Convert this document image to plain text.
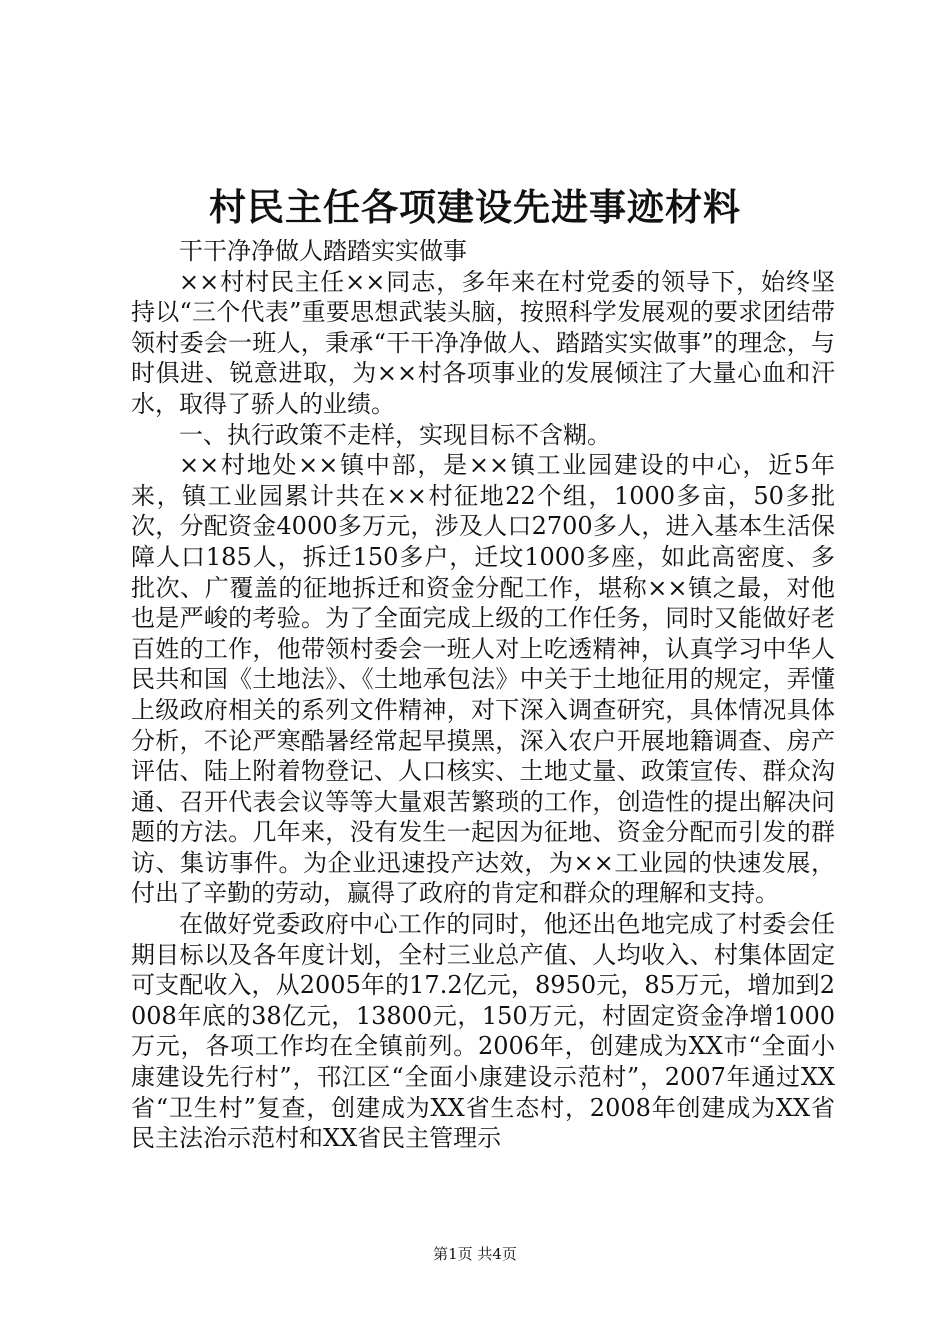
村民主任各项建设先进事迹材料

干干净净做人踏踏实实做事

××村村民主任××同志，多年来在村党委的领导下，始终坚持以“三个代表”重要思想武装头脑，按照科学发展观的要求团结带领村委会一班人，秉承“干干净净做人、踏踏实实做事”的理念，与时俱进、锐意进取，为××村各项事业的发展倾注了大量心血和汗水，取得了骄人的业绩。

一、执行政策不走样，实现目标不含糊。

××村地处××镇中部，是××镇工业园建设的中心，近5年来，镇工业园累计共在××村征地22个组，1000多亩，50多批次，分配资金4000多万元，涉及人口2700多人，进入基本生活保障人口185人，拆迁150多户，迁坟1000多座，如此高密度、多批次、广覆盖的征地拆迁和资金分配工作，堪称××镇之最，对他也是严峻的考验。为了全面完成上级的工作任务，同时又能做好老百姓的工作，他带领村委会一班人对上吃透精神，认真学习中华人民共和国《土地法》、《土地承包法》中关于土地征用的规定，弄懂上级政府相关的系列文件精神，对下深入调查研究，具体情况具体分析，不论严寒酷暑经常起早摸黑，深入农户开展地籍调查、房产评估、陆上附着物登记、人口核实、土地丈量、政策宣传、群众沟通、召开代表会议等等大量艰苦繁琐的工作，创造性的提出解决问题的方法。几年来，没有发生一起因为征地、资金分配而引发的群访、集访事件。为企业迅速投产达效，为××工业园的快速发展，付出了辛勤的劳动，赢得了政府的肯定和群众的理解和支持。

在做好党委政府中心工作的同时，他还出色地完成了村委会任期目标以及各年度计划，全村三业总产值、人均收入、村集体固定可支配收入，从2005年的17.2亿元，8950元，85万元，增加到2008年底的38亿元，13800元，150万元，村固定资金净增1000万元，各项工作均在全镇前列。2006年，创建成为XX市“全面小康建设先行村”，邗江区“全面小康建设示范村”，2007年通过XX省“卫生村”复查，创建成为XX省生态村，2008年创建成为XX省民主法治示范村和XX省民主管理示

第1页 共4页
